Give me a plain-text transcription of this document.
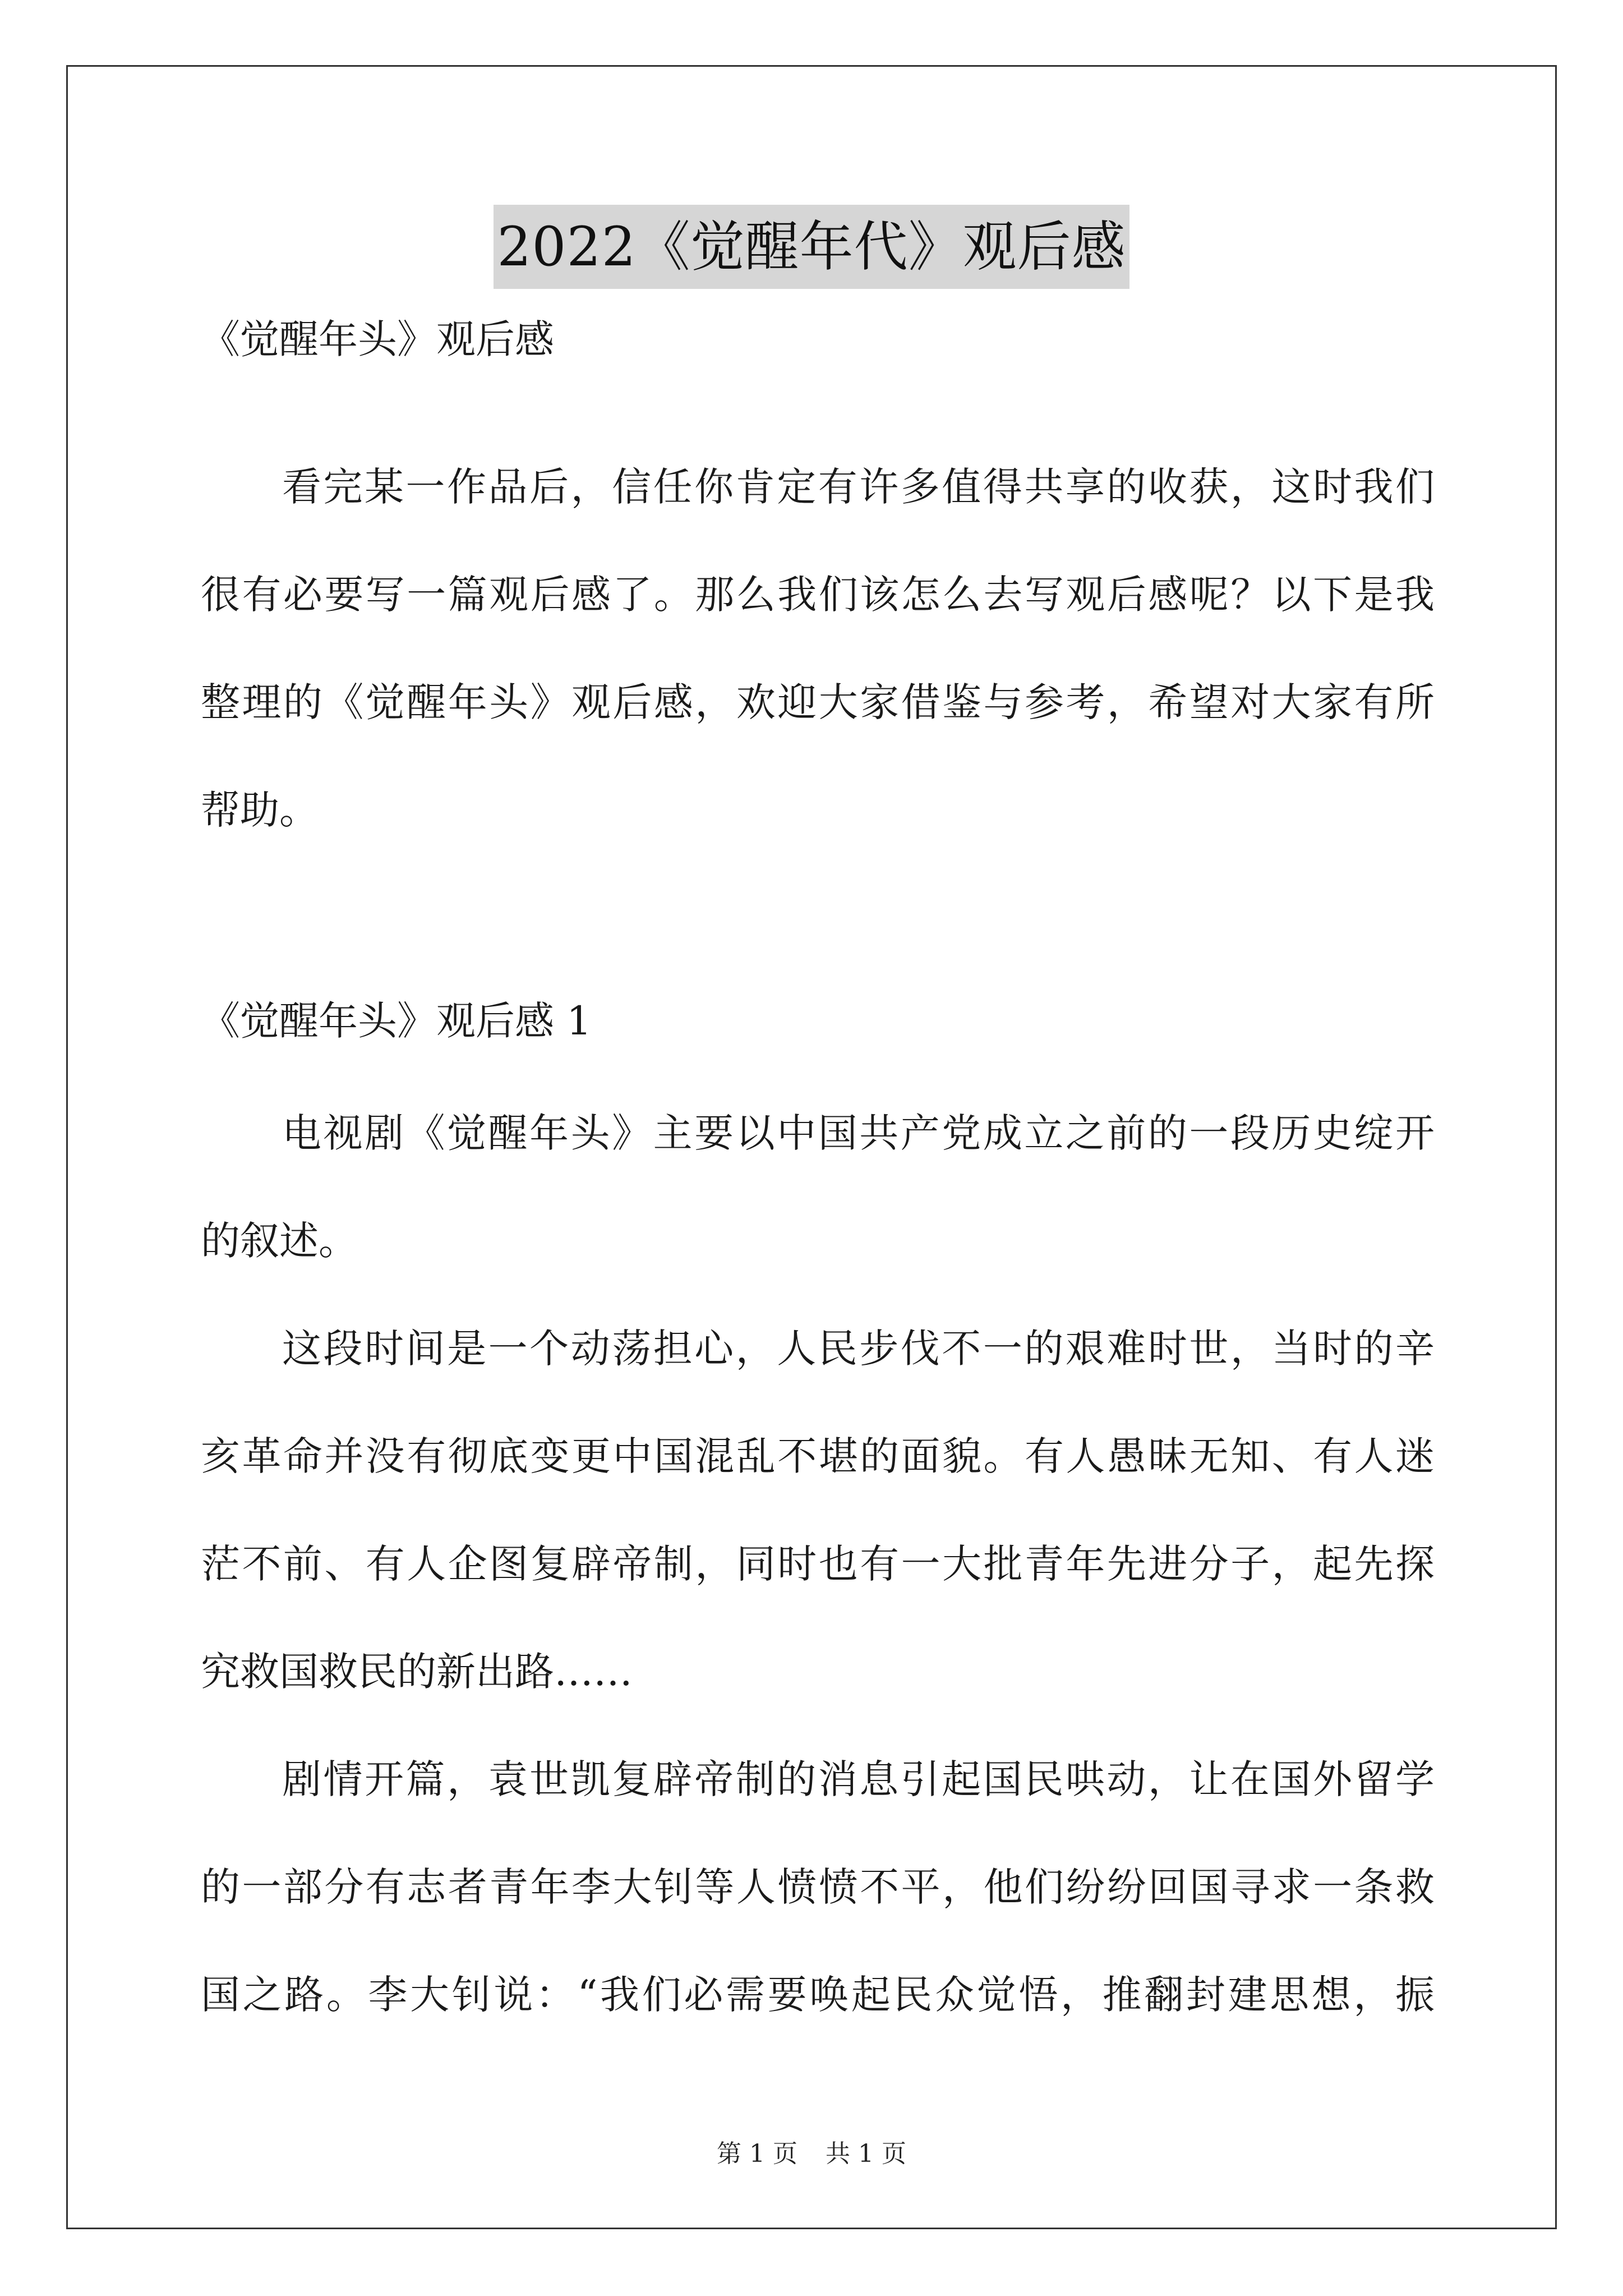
2022《觉醒年代》观后感
《觉醒年头》观后感
看完某一作品后，信任你肯定有许多值得共享的收获，这时我们
很有必要写一篇观后感了。那么我们该怎么去写观后感呢？以下是我
整理的《觉醒年头》观后感，欢迎大家借鉴与参考，希望对大家有所
帮助。
《觉醒年头》观后感 1
电视剧《觉醒年头》主要以中国共产党成立之前的一段历史绽开
的叙述。
这段时间是一个动荡担心，人民步伐不一的艰难时世，当时的辛
亥革命并没有彻底变更中国混乱不堪的面貌。有人愚昧无知、有人迷
茫不前、有人企图复辟帝制，同时也有一大批青年先进分子，起先探
究救国救民的新出路……
剧情开篇，袁世凯复辟帝制的消息引起国民哄动，让在国外留学
的一部分有志者青年李大钊等人愤愤不平，他们纷纷回国寻求一条救
国之路。李大钊说：“我们必需要唤起民众觉悟，推翻封建思想，振
第 1 页 共 1 页
